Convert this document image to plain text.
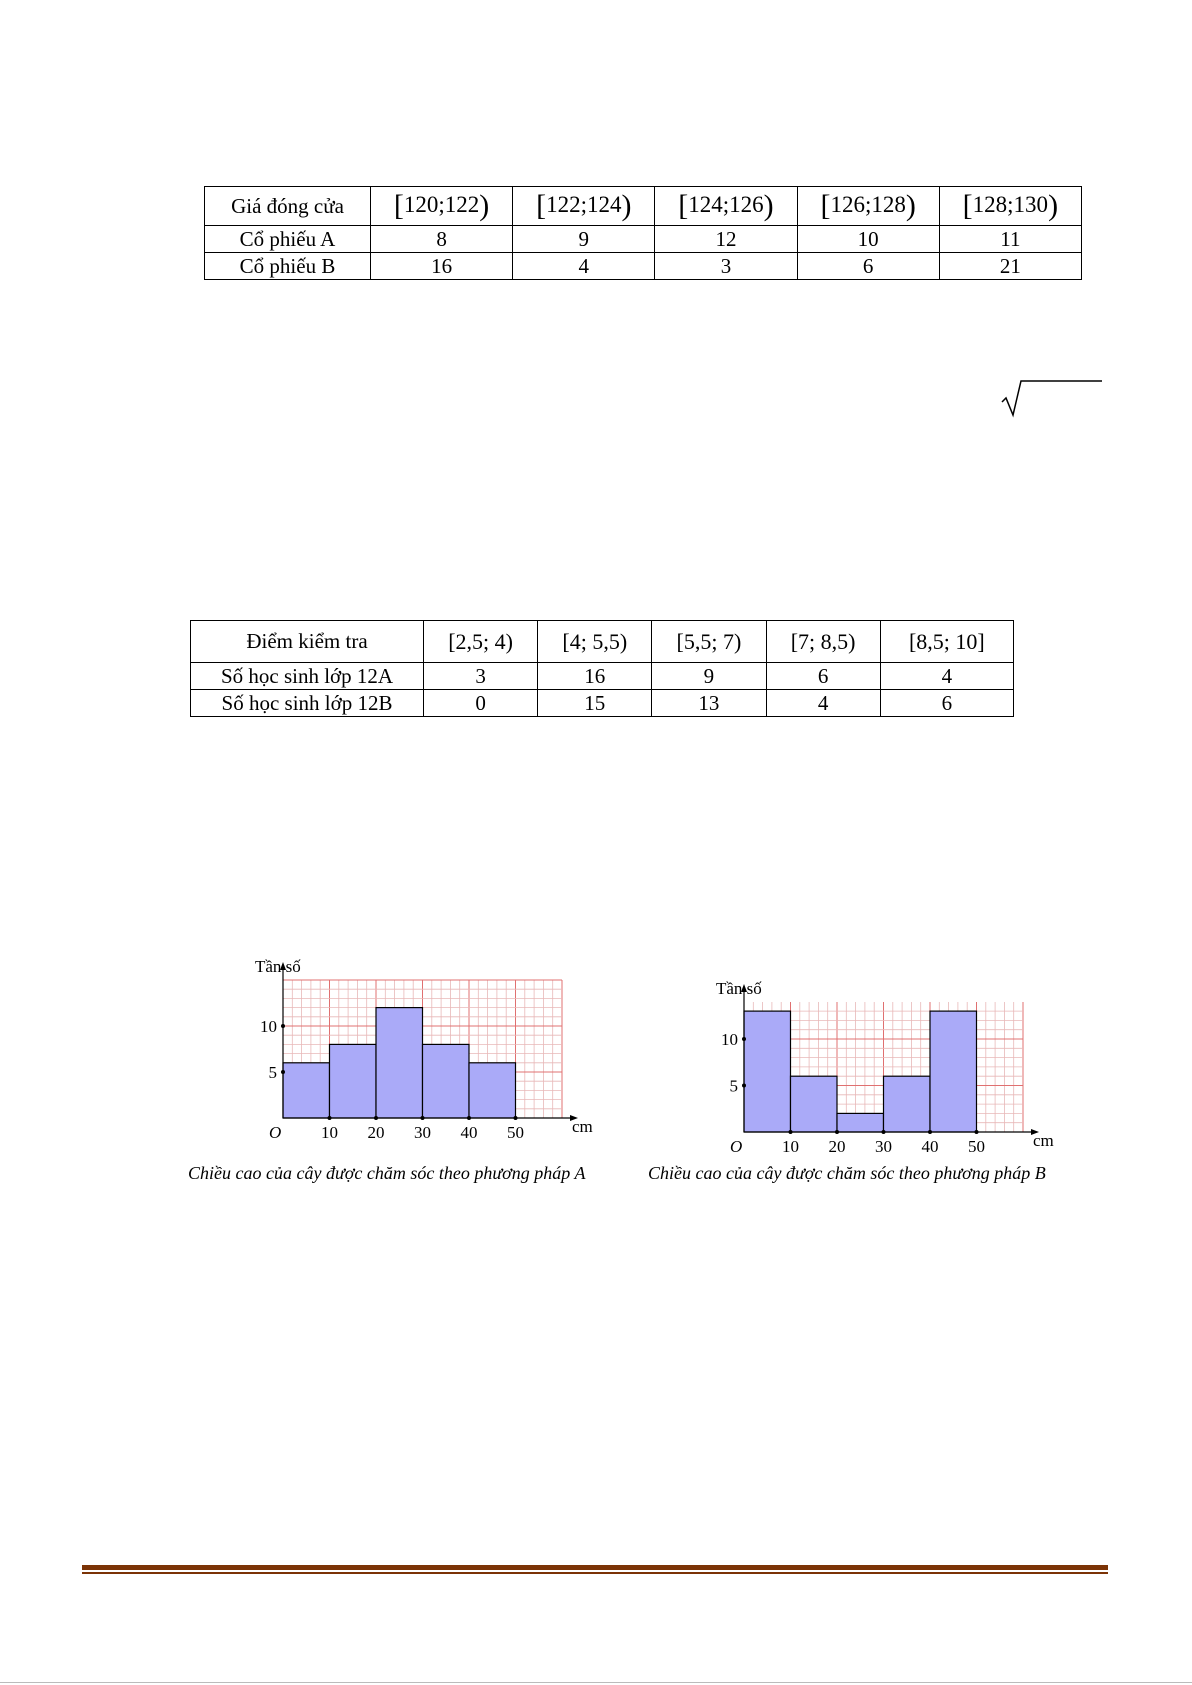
Giá đóng cửa	[120;122)	[122;124)	[124;126)	[126;128)	[128;130)
Cổ phiếu A	8	9	12	10	11
Cổ phiếu B	16	4	3	6	21
Điểm kiểm tra	[2,5; 4)	[4; 5,5)	[5,5; 7)	[7; 8,5)	[8,5; 10]
Số học sinh lớp 12A	3	16	9	6	4
Số học sinh lớp 12B	0	15	13	4	6
10 20 30 40 50
5
10
O	cm
Tần số
10 20 30 40 50
5
10
O	cm
Tần số
Chiều cao của cây được chăm sóc theo phương pháp A	Chiều cao của cây được chăm sóc theo phương pháp B
